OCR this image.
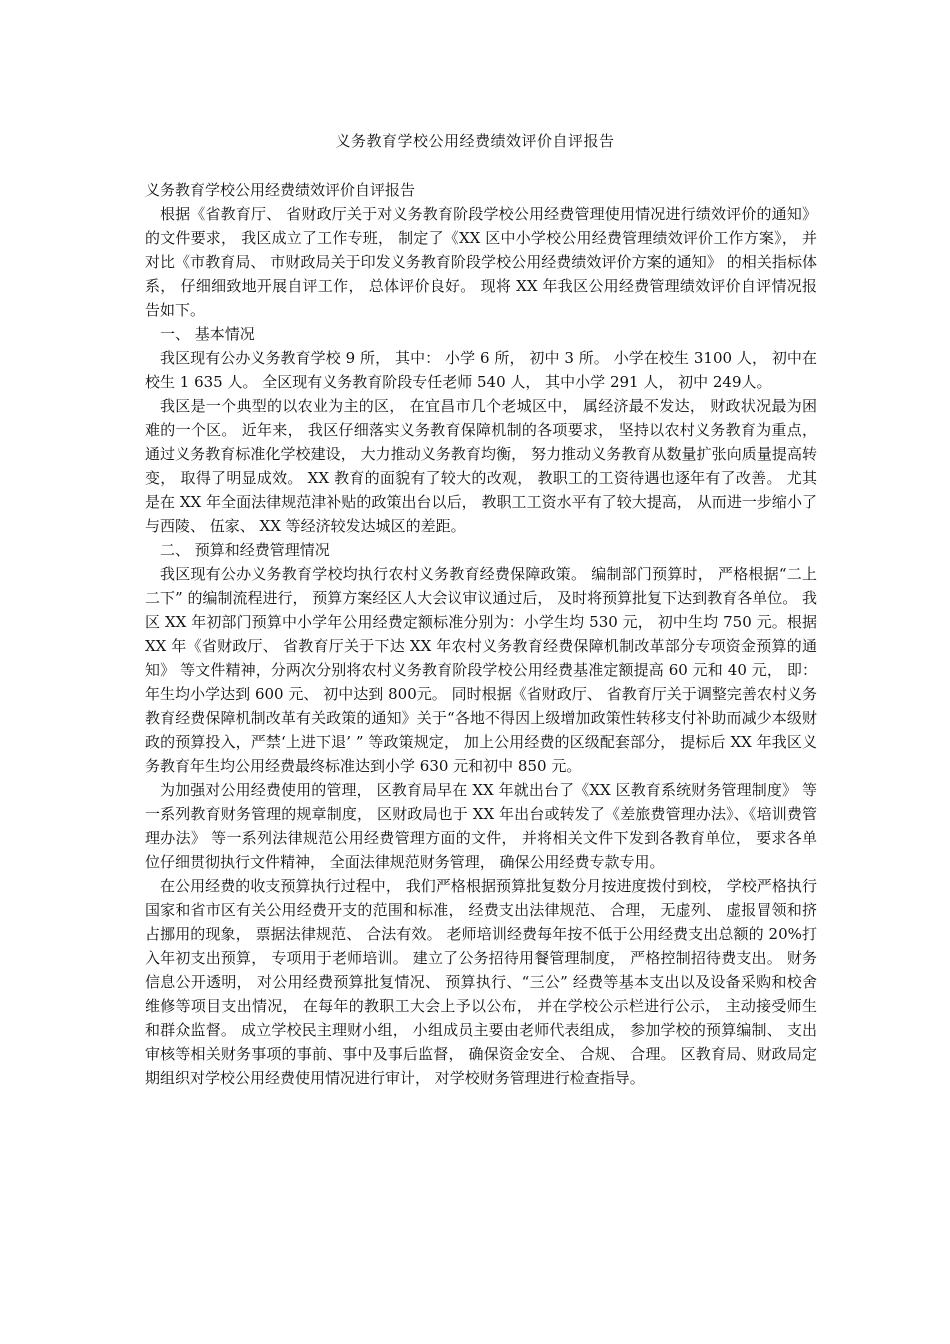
义务教育学校公用经费绩效评价自评报告

义务教育学校公用经费绩效评价自评报告

根据《省教育厅、 省财政厅关于对义务教育阶段学校公用经费管理使用情况进行绩效评价的通知》 的文件要求， 我区成立了工作专班， 制定了《XX 区中小学校公用经费管理绩效评价工作方案》， 并对比《市教育局、 市财政局关于印发义务教育阶段学校公用经费绩效评价方案的通知》 的相关指标体系， 仔细细致地开展自评工作， 总体评价良好。 现将 XX 年我区公用经费管理绩效评价自评情况报告如下。

一、 基本情况

我区现有公办义务教育学校 9 所， 其中： 小学 6 所， 初中 3 所。 小学在校生 3100 人， 初中在校生 1 635 人。 全区现有义务教育阶段专任老师 540 人， 其中小学 291 人， 初中 249人。

我区是一个典型的以农业为主的区， 在宜昌市几个老城区中， 属经济最不发达， 财政状况最为困难的一个区。 近年来， 我区仔细落实义务教育保障机制的各项要求， 坚持以农村义务教育为重点， 通过义务教育标准化学校建设， 大力推动义务教育均衡， 努力推动义务教育从数量扩张向质量提高转变， 取得了明显成效。 XX 教育的面貌有了较大的改观， 教职工的工资待遇也逐年有了改善。 尤其是在 XX 年全面法律规范津补贴的政策出台以后， 教职工工资水平有了较大提高， 从而进一步缩小了与西陵、 伍家、 XX 等经济较发达城区的差距。

二、 预算和经费管理情况

我区现有公办义务教育学校均执行农村义务教育经费保障政策。 编制部门预算时， 严格根据“二上二下” 的编制流程进行， 预算方案经区人大会议审议通过后， 及时将预算批复下达到教育各单位。 我区 XX 年初部门预算中小学年公用经费定额标准分别为：小学生均 530 元， 初中生均 750 元。根据 XX 年《省财政厅、 省教育厅关于下达 XX 年农村义务教育经费保障机制改革部分专项资金预算的通知》 等文件精神，分两次分别将农村义务教育阶段学校公用经费基准定额提高 60 元和 40 元， 即： 年生均小学达到 600 元、 初中达到 800元。 同时根据《省财政厅、 省教育厅关于调整完善农村义务教育经费保障机制改革有关政策的通知》关于“各地不得因上级增加政策性转移支付补助而减少本级财政的预算投入，严禁‘上进下退’ ” 等政策规定， 加上公用经费的区级配套部分， 提标后 XX 年我区义务教育年生均公用经费最终标准达到小学 630 元和初中 850 元。

为加强对公用经费使用的管理， 区教育局早在 XX 年就出台了《XX 区教育系统财务管理制度》 等一系列教育财务管理的规章制度， 区财政局也于 XX 年出台或转发了《差旅费管理办法》、《培训费管理办法》 等一系列法律规范公用经费管理方面的文件， 并将相关文件下发到各教育单位， 要求各单位仔细贯彻执行文件精神， 全面法律规范财务管理， 确保公用经费专款专用。

在公用经费的收支预算执行过程中， 我们严格根据预算批复数分月按进度拨付到校， 学校严格执行国家和省市区有关公用经费开支的范围和标准， 经费支出法律规范、 合理， 无虚列、 虚报冒领和挤占挪用的现象， 票据法律规范、 合法有效。 老师培训经费每年按不低于公用经费支出总额的 20%打入年初支出预算， 专项用于老师培训。 建立了公务招待用餐管理制度， 严格控制招待费支出。 财务信息公开透明， 对公用经费预算批复情况、 预算执行、“三公” 经费等基本支出以及设备采购和校舍维修等项目支出情况， 在每年的教职工大会上予以公布， 并在学校公示栏进行公示， 主动接受师生和群众监督。 成立学校民主理财小组， 小组成员主要由老师代表组成， 参加学校的预算编制、 支出审核等相关财务事项的事前、事中及事后监督， 确保资金安全、 合规、 合理。 区教育局、财政局定期组织对学校公用经费使用情况进行审计， 对学校财务管理进行检查指导。
